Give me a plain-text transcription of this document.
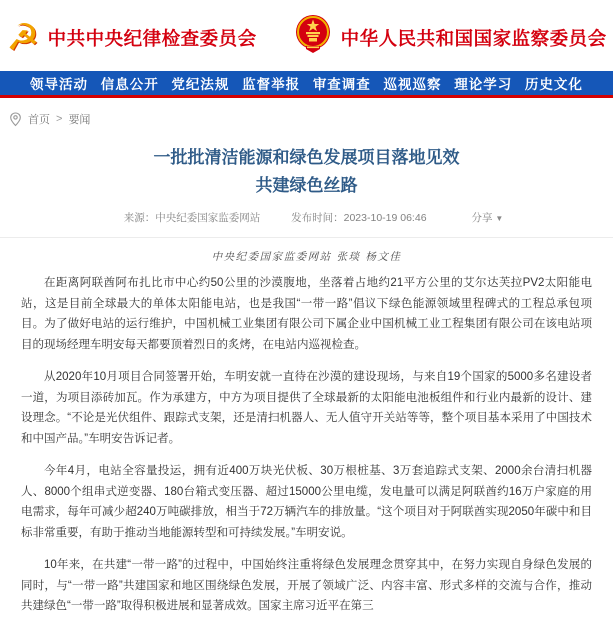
☭ 中共中央纪律检查委员会	中华人民共和国国家监察委员会
领导活动 信息公开 党纪法规 监督举报 审查调查 巡视巡察 理论学习 历史文化
首页 > 要闻
一批批清洁能源和绿色发展项目落地见效
共建绿色丝路
来源：中央纪委国家监委网站	发布时间：2023-10-19 06:46	分享 ▼
中央纪委国家监委网站 张琰 杨文佳

在距离阿联酋阿布扎比市中心约50公里的沙漠腹地，坐落着占地约21平方公里的艾尔达芙拉PV2太阳能电站，这是目前全球最大的单体太阳能电站，也是我国“一带一路”倡议下绿色能源领域里程碑式的工程总承包项目。为了做好电站的运行维护，中国机械工业集团有限公司下属企业中国机械工业工程集团有限公司在该电站项目的现场经理车明安每天都要顶着烈日的炙烤，在电站内巡视检查。

从2020年10月项目合同签署开始，车明安就一直待在沙漠的建设现场，与来自19个国家的5000多名建设者一道，为项目添砖加瓦。作为承建方，中方为项目提供了全球最新的太阳能电池板组件和行业内最新的设计、建设理念。“不论是光伏组件、跟踪式支架，还是清扫机器人、无人值守开关站等等，整个项目基本采用了中国技术和中国产品。”车明安告诉记者。

今年4月，电站全容量投运，拥有近400万块光伏板、30万根桩基、3万套追踪式支架、2000余台清扫机器人、8000个组串式逆变器、180台箱式变压器、超过15000公里电缆，发电量可以满足阿联酋约16万户家庭的用电需求，每年可减少超240万吨碳排放，相当于72万辆汽车的排放量。“这个项目对于阿联酋实现2050年碳中和目标非常重要，有助于推动当地能源转型和可持续发展。”车明安说。

10年来，在共建“一带一路”的过程中，中国始终注重将绿色发展理念贯穿其中，在努力实现自身绿色发展的同时，与“一带一路”共建国家和地区围绕绿色发展，开展了领域广泛、内容丰富、形式多样的交流与合作，推动共建绿色“一带一路”取得积极进展和显著成效。国家主席习近平在第三
